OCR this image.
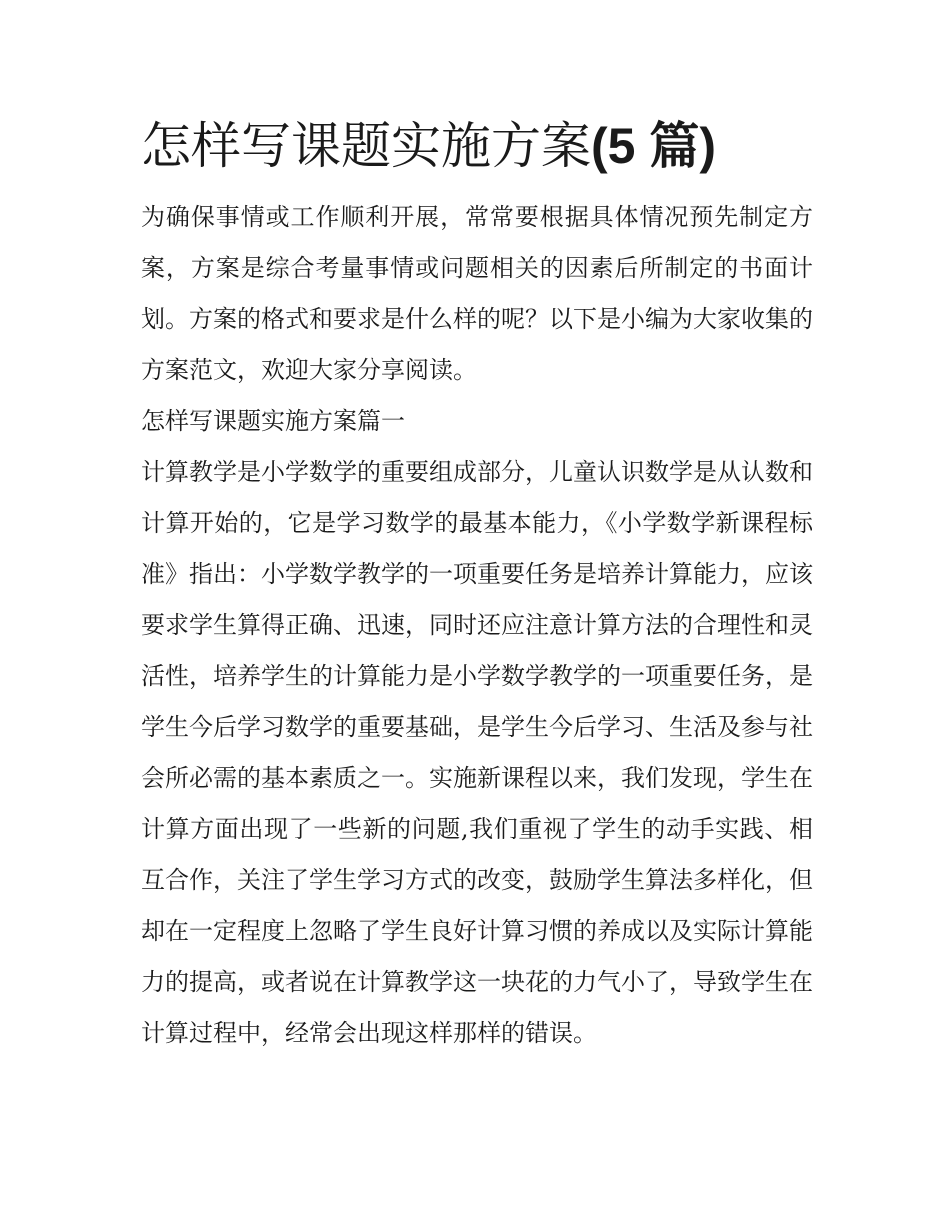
怎样写课题实施方案(5 篇)

为确保事情或工作顺利开展，常常要根据具体情况预先制定方案，方案是综合考量事情或问题相关的因素后所制定的书面计划。方案的格式和要求是什么样的呢？以下是小编为大家收集的方案范文，欢迎大家分享阅读。

怎样写课题实施方案篇一

计算教学是小学数学的重要组成部分，儿童认识数学是从认数和计算开始的，它是学习数学的最基本能力，《小学数学新课程标准》指出：小学数学教学的一项重要任务是培养计算能力，应该要求学生算得正确、迅速，同时还应注意计算方法的合理性和灵活性，培养学生的计算能力是小学数学教学的一项重要任务，是学生今后学习数学的重要基础，是学生今后学习、生活及参与社会所必需的基本素质之一。实施新课程以来，我们发现，学生在计算方面出现了一些新的问题,我们重视了学生的动手实践、相互合作，关注了学生学习方式的改变，鼓励学生算法多样化，但却在一定程度上忽略了学生良好计算习惯的养成以及实际计算能力的提高，或者说在计算教学这一块花的力气小了，导致学生在计算过程中，经常会出现这样那样的错误。
